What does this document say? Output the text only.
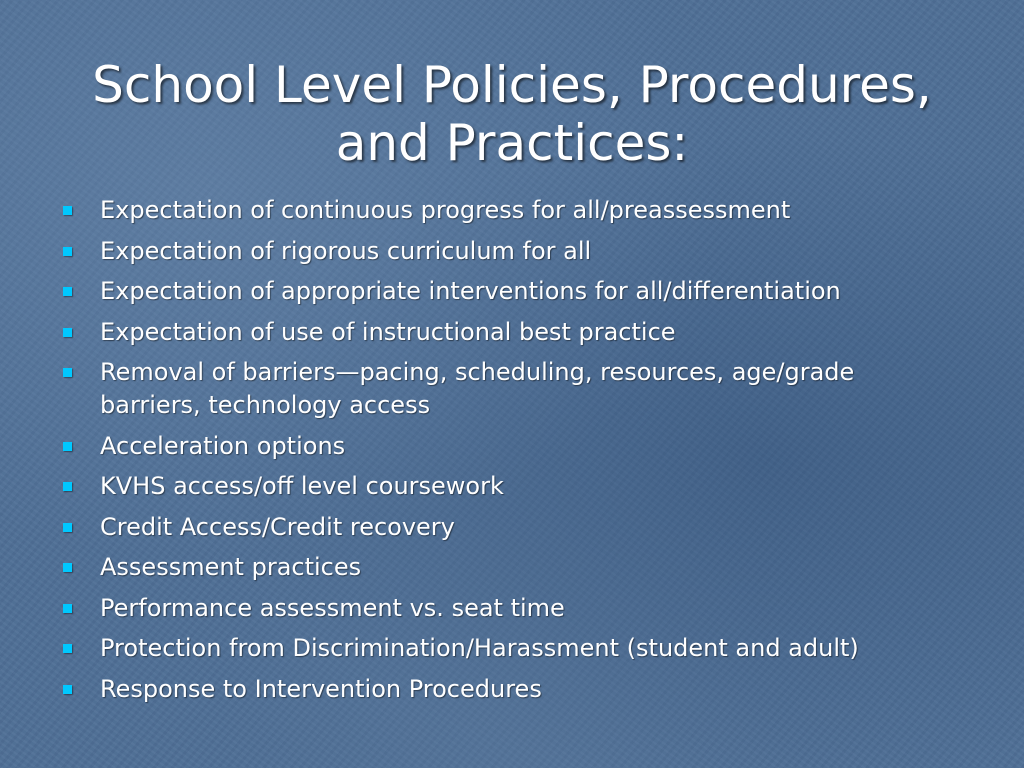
School Level Policies, Procedures, and Practices:
Expectation of continuous progress for all/preassessment
Expectation of rigorous curriculum for all
Expectation of appropriate interventions for all/differentiation
Expectation of use of instructional best practice
Removal of barriers—pacing, scheduling, resources, age/grade barriers, technology access
Acceleration options
KVHS access/off level coursework
Credit Access/Credit recovery
Assessment practices
Performance assessment vs. seat time
Protection from Discrimination/Harassment (student and adult)
Response to Intervention Procedures
